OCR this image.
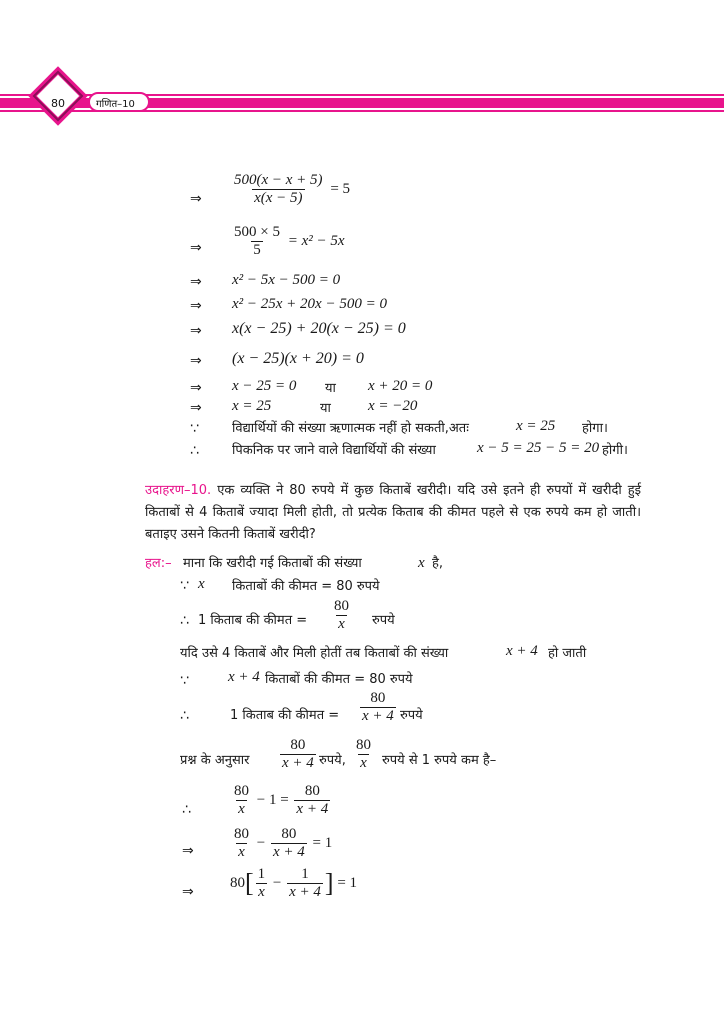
80	गणित–10
⇒ $\frac{500(x - x + 5)}{x(x - 5)} = 5$
⇒ $\frac{500 \times 5}{5} = x^2 - 5x$
⇒ x² − 5x − 500 = 0
⇒ x² − 25x + 20x − 500 = 0
⇒ x(x − 25) + 20(x − 25) = 0
⇒ (x − 25)(x + 20) = 0
⇒ x − 25 = 0 या x + 20 = 0
⇒ x = 25	या x = −20
∵	विद्यार्थियों की संख्या ऋणात्मक नहीं हो सकती,अतः	x = 25 होगा।
∴	पिकनिक पर जाने वाले विद्यार्थियों की संख्या	x − 5 = 25 − 5 = 20 होगी।
उदाहरण–10. एक व्यक्ति ने 80 रुपये में कुछ किताबें खरीदी। यदि उसे इतने ही रुपयों में खरीदी हुई किताबों से 4 किताबें ज्यादा मिली होती, तो प्रत्येक किताब की कीमत पहले से एक रुपये कम हो जाती। बताइए उसने कितनी किताबें खरीदी?
हल:– माना कि खरीदी गई किताबों की संख्या	x है,
∵ x किताबों की कीमत = 80 रुपये
∴ 1 किताब की कीमत = $\frac{80}{x}$ रुपये
यदि उसे 4 किताबें और मिली होतीं तब किताबों की संख्या	x + 4 हो जाती
∵	x + 4 किताबों की कीमत = 80 रुपये
∴	1 किताब की कीमत = $\frac{80}{x + 4}$ रुपये
प्रश्न के अनुसार $\frac{80}{x + 4}$ रुपये, $\frac{80}{x}$ रुपये से 1 रुपये कम है–
∴	$\frac{80}{x} - 1 = \frac{80}{x + 4}$
⇒	$\frac{80}{x} - \frac{80}{x + 4} = 1$
⇒
$80[ \frac{1}{x} - \frac{1}{x + 4}$ ] = 1
